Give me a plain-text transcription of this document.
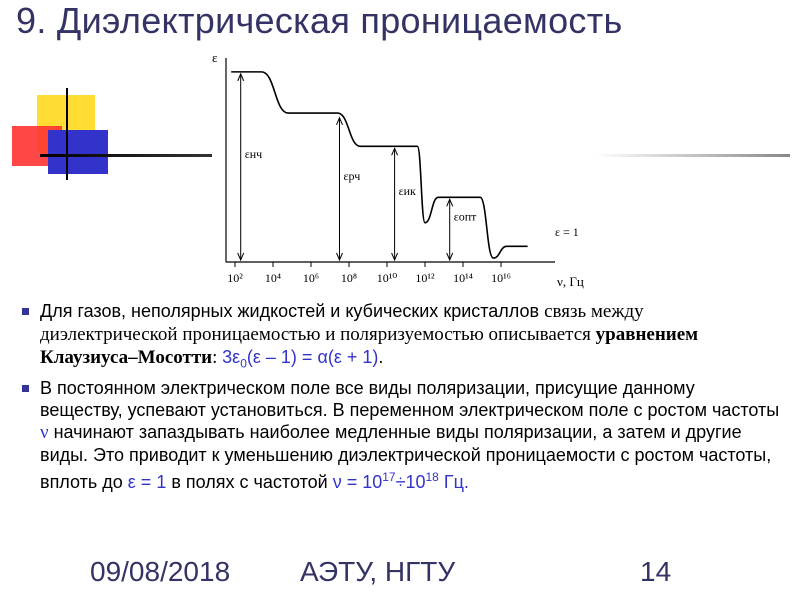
9. Диэлектрическая проницаемость
10² 10⁴ 10⁶ 10⁸ 10¹⁰ 10¹² 10¹⁴ 10¹⁶
εнч
εрч
εик
εопт
ε
ν, Гц
ε = 1
Для газов, неполярных жидкостей и кубических кристаллов связь между диэлектрической проницаемостью и поляризуемостью описывается уравнением Клаузиуса–Мосотти: $3\varepsilon_0(\varepsilon - 1) = \alpha(\varepsilon + 1)$.
В постоянном электрическом поле все виды поляризации, присущие данному веществу, успевают установиться. В переменном электрическом поле с ростом частоты ν начинают запаздывать наиболее медленные виды поляризации, а затем и другие виды. Это приводит к уменьшению диэлектрической проницаемости с ростом частоты, вплоть до ε = 1 в полях с частотой $\nu = 10^{17}\div 10^{18}$ Гц.
09/08/2018 АЭТУ, НГТУ	14
